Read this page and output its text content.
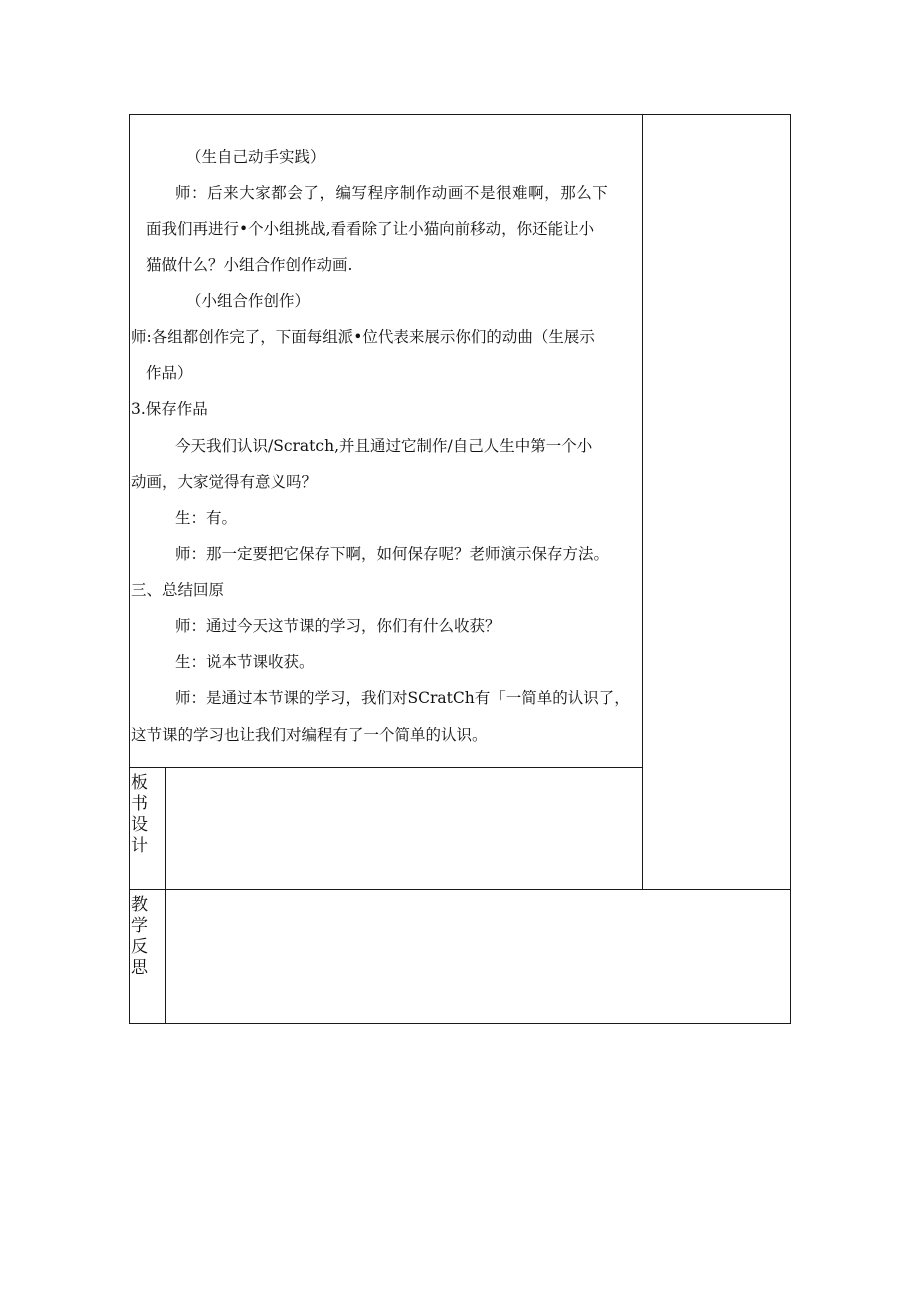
（生自己动手实践）
师：后来大家都会了，编写程序制作动画不是很难啊，那么下
面我们再进行•个小组挑战,看看除了让小猫向前移动，你还能让小
猫做什么？小组合作创作动画.
（小组合作创作）
师:各组都创作完了，下面每组派•位代表来展示你们的动曲（生展示
作品）
3.保存作品
今天我们认识/Scratch,并且通过它制作/自己人生中第一个小
动画，大家觉得有意义吗？
生：有。
师：那一定要把它保存下啊，如何保存呢？老师演示保存方法。
三、总结回原
师：通过今天这节课的学习，你们有什么收获？
生：说本节课收获。
师：是通过本节课的学习，我们对SCratCh有「一简单的认识了，
这节课的学习也让我们对编程有了一个简单的认识。
板书设计
教学反思
